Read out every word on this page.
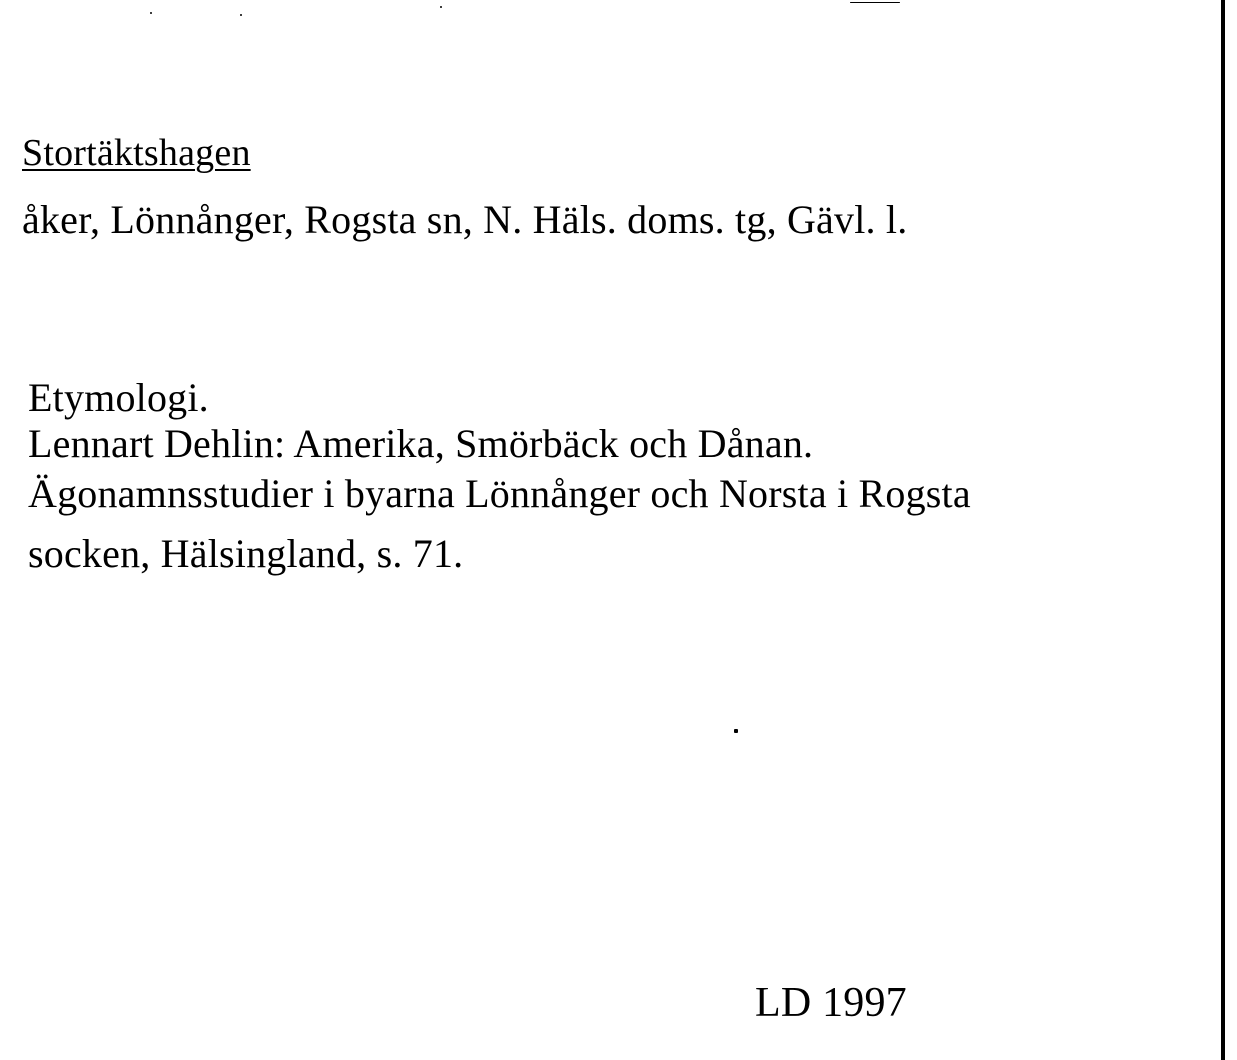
Stortäktshagen
åker, Lönnånger, Rogsta sn, N. Häls. doms. tg, Gävl. l.
Etymologi.
Lennart Dehlin: Amerika, Smörbäck och Dånan.
Ägonamnsstudier i byarna Lönnånger och Norsta i Rogsta
socken, Hälsingland, s. 71.
LD 1997
